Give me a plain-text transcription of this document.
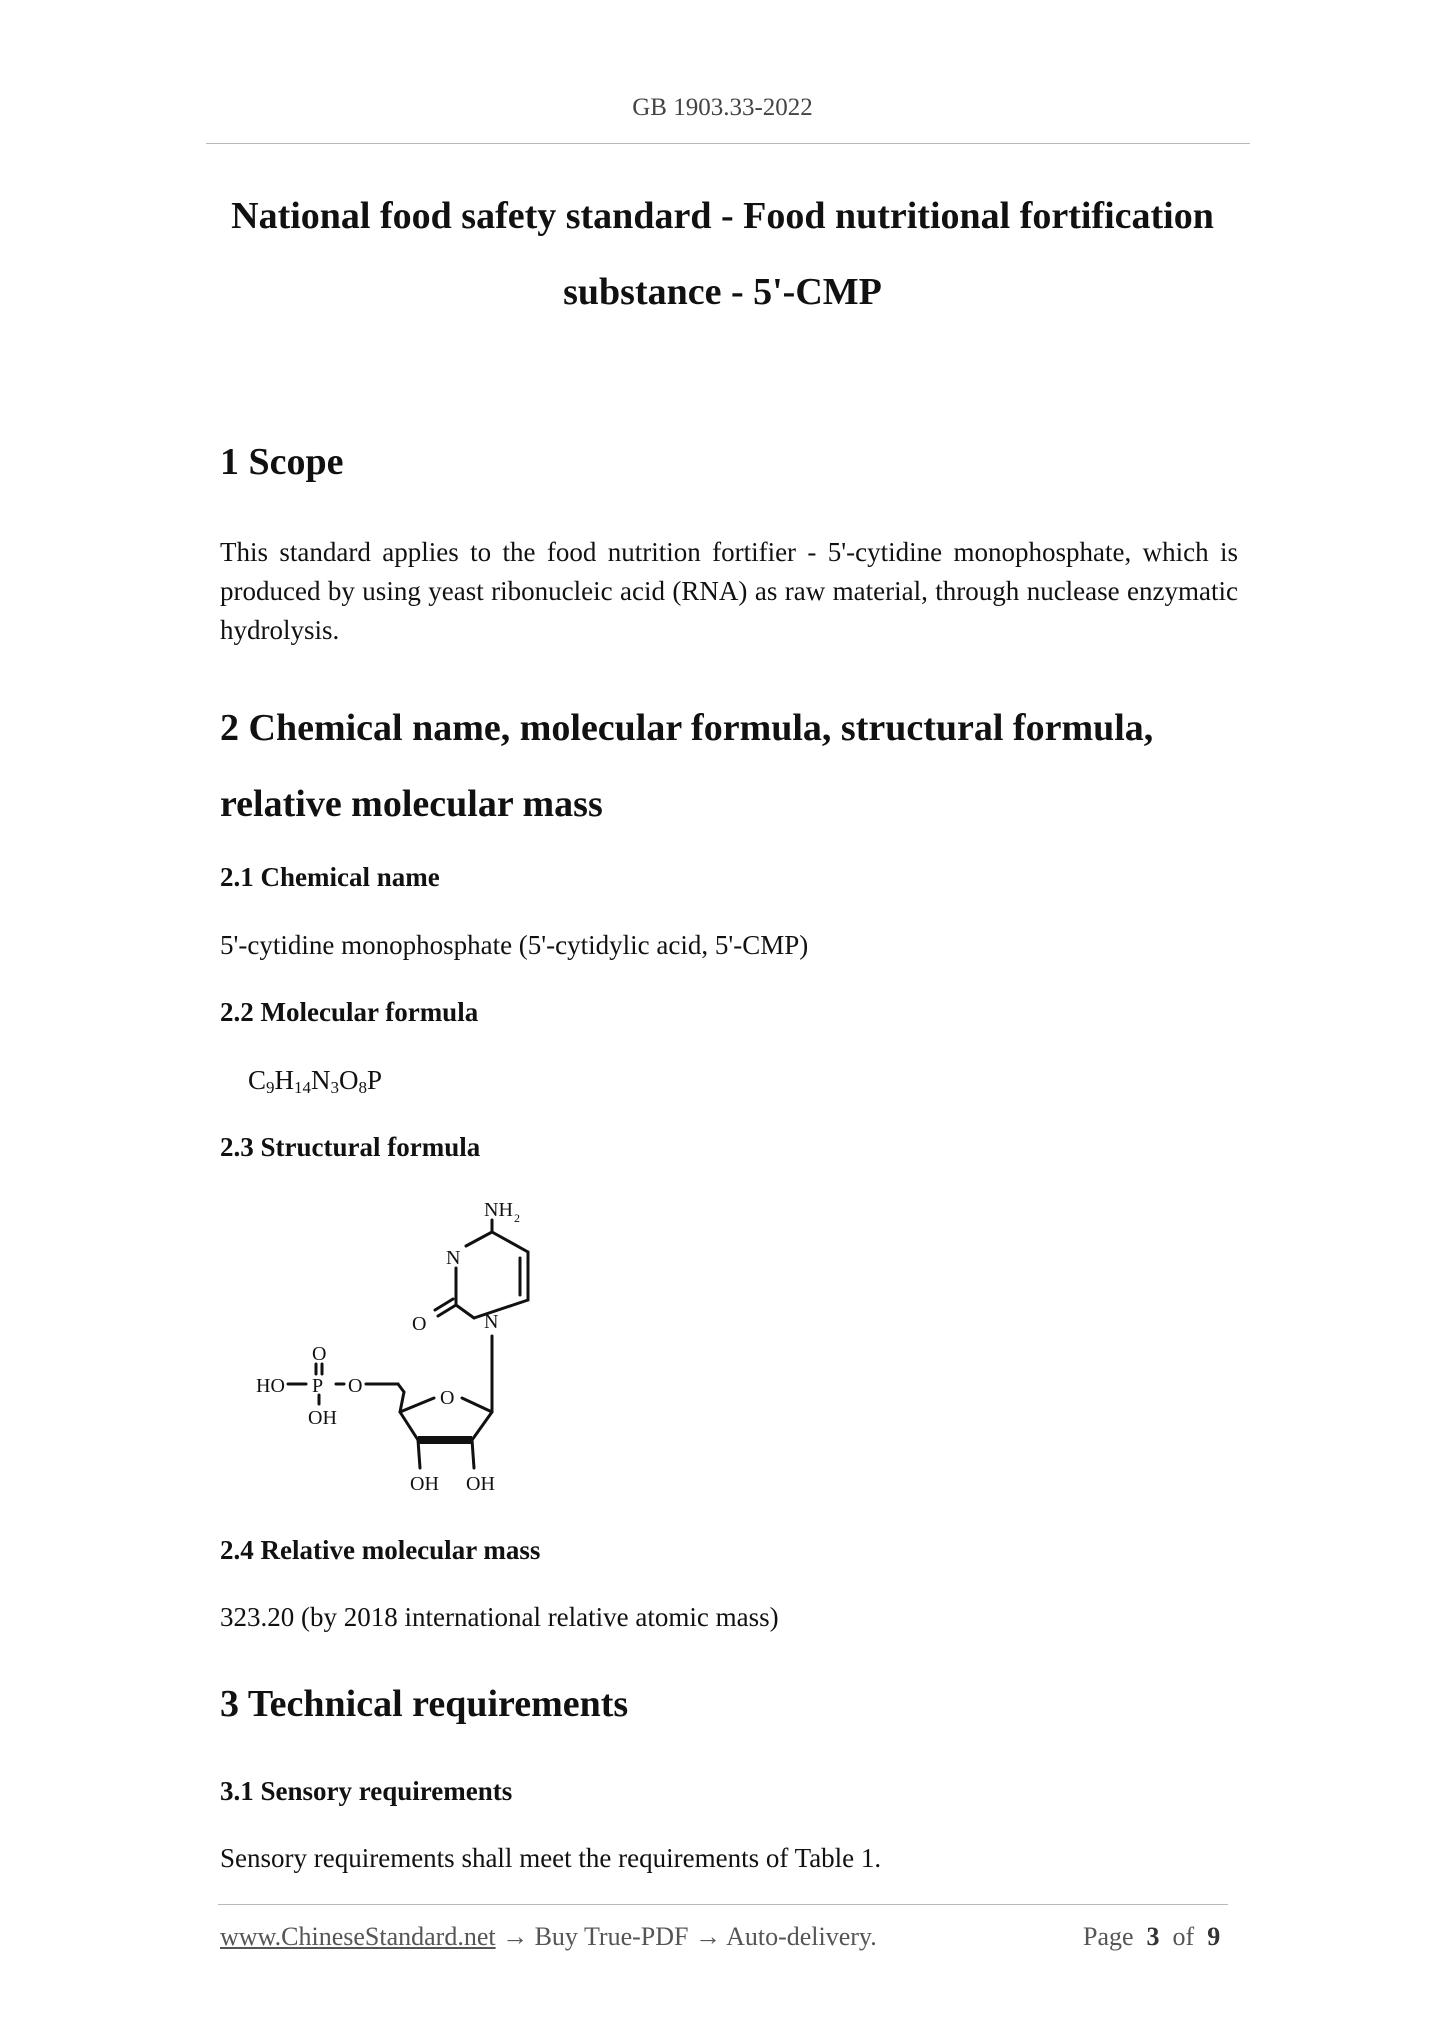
GB 1903.33-2022
National food safety standard - Food nutritional fortification
substance - 5'-CMP
1 Scope
This standard applies to the food nutrition fortifier - 5'-cytidine monophosphate, which is produced by using yeast ribonucleic acid (RNA) as raw material, through nuclease enzymatic hydrolysis.
2 Chemical name, molecular formula, structural formula,
relative molecular mass
2.1 Chemical name
5'-cytidine monophosphate (5'-cytidylic acid, 5'-CMP)
2.2 Molecular formula
$C_9H_{14}N_3O_8P$
2.3 Structural formula
HO
O
P O
OH
O
OH OH
O	N
N
NH 2
2.4 Relative molecular mass
323.20 (by 2018 international relative atomic mass)
3 Technical requirements
3.1 Sensory requirements
Sensory requirements shall meet the requirements of Table 1.
www.ChineseStandard.net → Buy True-PDF → Auto-delivery.	Page 3 of 9
